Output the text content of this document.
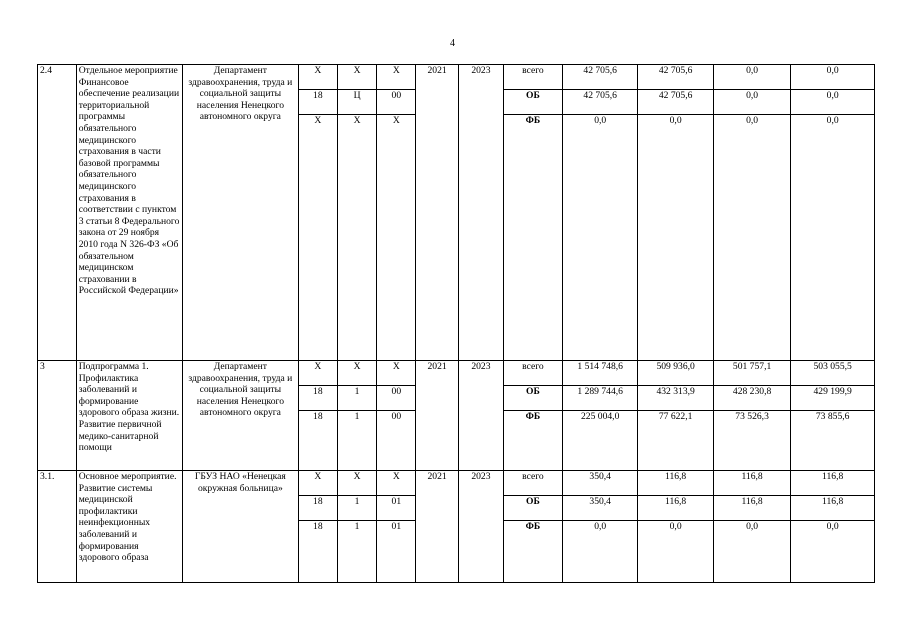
4
2.4	Отдельное мероприятие Финансовое обеспечение реализации территориальной программы обязательного медицинского страхования в части базовой программы обязательного медицинского страхования в соответствии с пунктом 3 статьи 8 Федерального закона от 29 ноября 2010 года N 326-ФЗ «Об обязательном медицинском страховании в Российской Федерации»	Департамент здравоохранения, труда и социальной защиты населения Ненецкого автономного округа	Х	Х	Х	2021	2023	всего	42 705,6	42 705,6	0,0	0,0
			18	Ц	00			ОБ	42 705,6	42 705,6	0,0	0,0
			Х	Х	Х			ФБ	0,0	0,0	0,0	0,0
3	Подпрограмма 1. Профилактика заболеваний и формирование здорового образа жизни. Развитие первичной медико-санитарной помощи	Департамент здравоохранения, труда и социальной защиты населения Ненецкого автономного округа	Х	Х	Х	2021	2023	всего	1 514 748,6	509 936,0	501 757,1	503 055,5
			18	1	00			ОБ	1 289 744,6	432 313,9	428 230,8	429 199,9
			18	1	00			ФБ	225 004,0	77 622,1	73 526,3	73 855,6
3.1.	Основное мероприятие. Развитие системы медицинской профилактики неинфекционных заболеваний и формирования здорового образа	ГБУЗ НАО «Ненецкая окружная больница»	Х	Х	Х	2021	2023	всего	350,4	116,8	116,8	116,8
			18	1	01			ОБ	350,4	116,8	116,8	116,8
			18	1	01			ФБ	0,0	0,0	0,0	0,0
